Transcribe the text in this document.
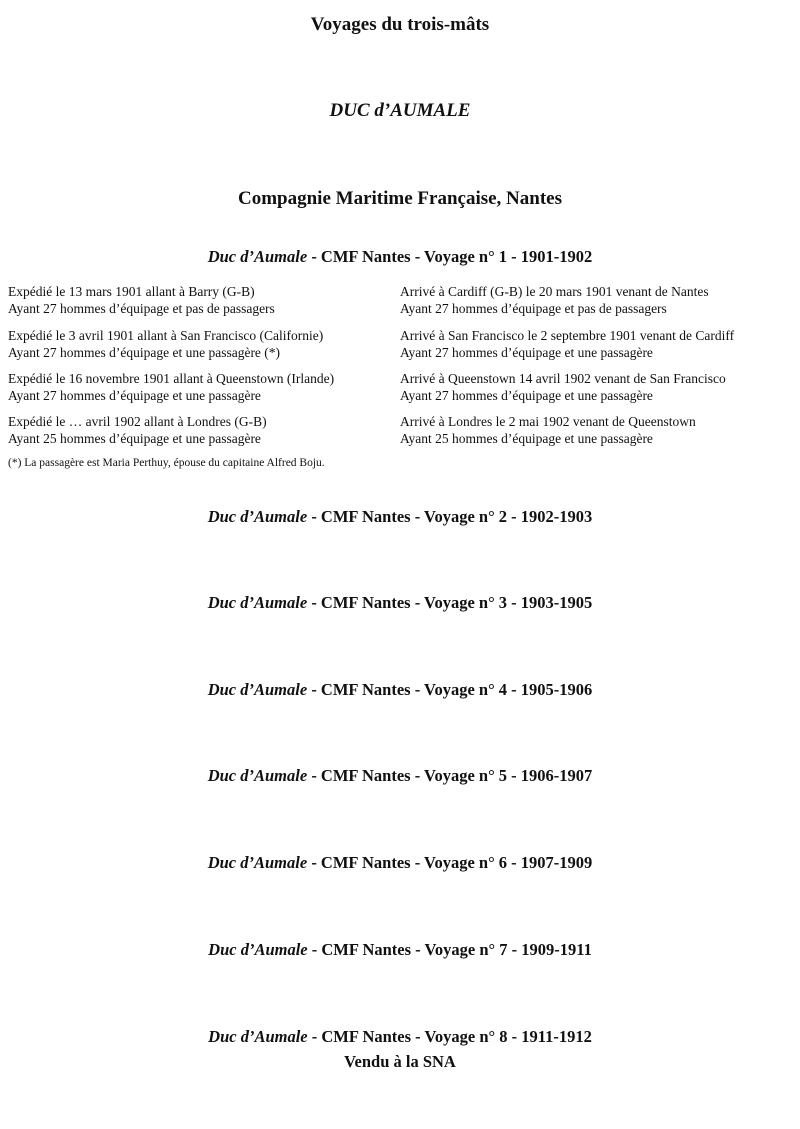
Voyages du trois-mâts
DUC d’AUMALE
Compagnie Maritime Française, Nantes
Duc d’Aumale - CMF Nantes - Voyage n° 1 - 1901-1902
Expédié le 13 mars 1901 allant à Barry (G-B)
Ayant 27 hommes d’équipage et pas de passagers
Arrivé à Cardiff (G-B) le 20 mars 1901 venant de Nantes
Ayant 27 hommes d’équipage et pas de passagers
Expédié le 3 avril 1901 allant à San Francisco (Californie)
Ayant 27 hommes d’équipage et une passagère (*)
Arrivé à San Francisco le 2 septembre 1901 venant de Cardiff
Ayant 27 hommes d’équipage et une passagère
Expédié le 16 novembre 1901 allant à Queenstown (Irlande)
Ayant 27 hommes d’équipage et une passagère
Arrivé à Queenstown 14 avril 1902 venant de San Francisco
Ayant 27 hommes d’équipage et une passagère
Expédié le … avril 1902 allant à Londres (G-B)
Ayant 25 hommes d’équipage et une passagère
Arrivé à Londres le 2 mai 1902 venant de Queenstown
Ayant 25 hommes d’équipage et une passagère
(*) La passagère est Maria Perthuy, épouse du capitaine Alfred Boju.
Duc d’Aumale - CMF Nantes - Voyage n° 2 - 1902-1903
Duc d’Aumale - CMF Nantes - Voyage n° 3 - 1903-1905
Duc d’Aumale - CMF Nantes - Voyage n° 4 - 1905-1906
Duc d’Aumale - CMF Nantes - Voyage n° 5 - 1906-1907
Duc d’Aumale - CMF Nantes - Voyage n° 6 - 1907-1909
Duc d’Aumale - CMF Nantes - Voyage n° 7 - 1909-1911
Duc d’Aumale - CMF Nantes - Voyage n° 8 - 1911-1912
Vendu à la SNA
